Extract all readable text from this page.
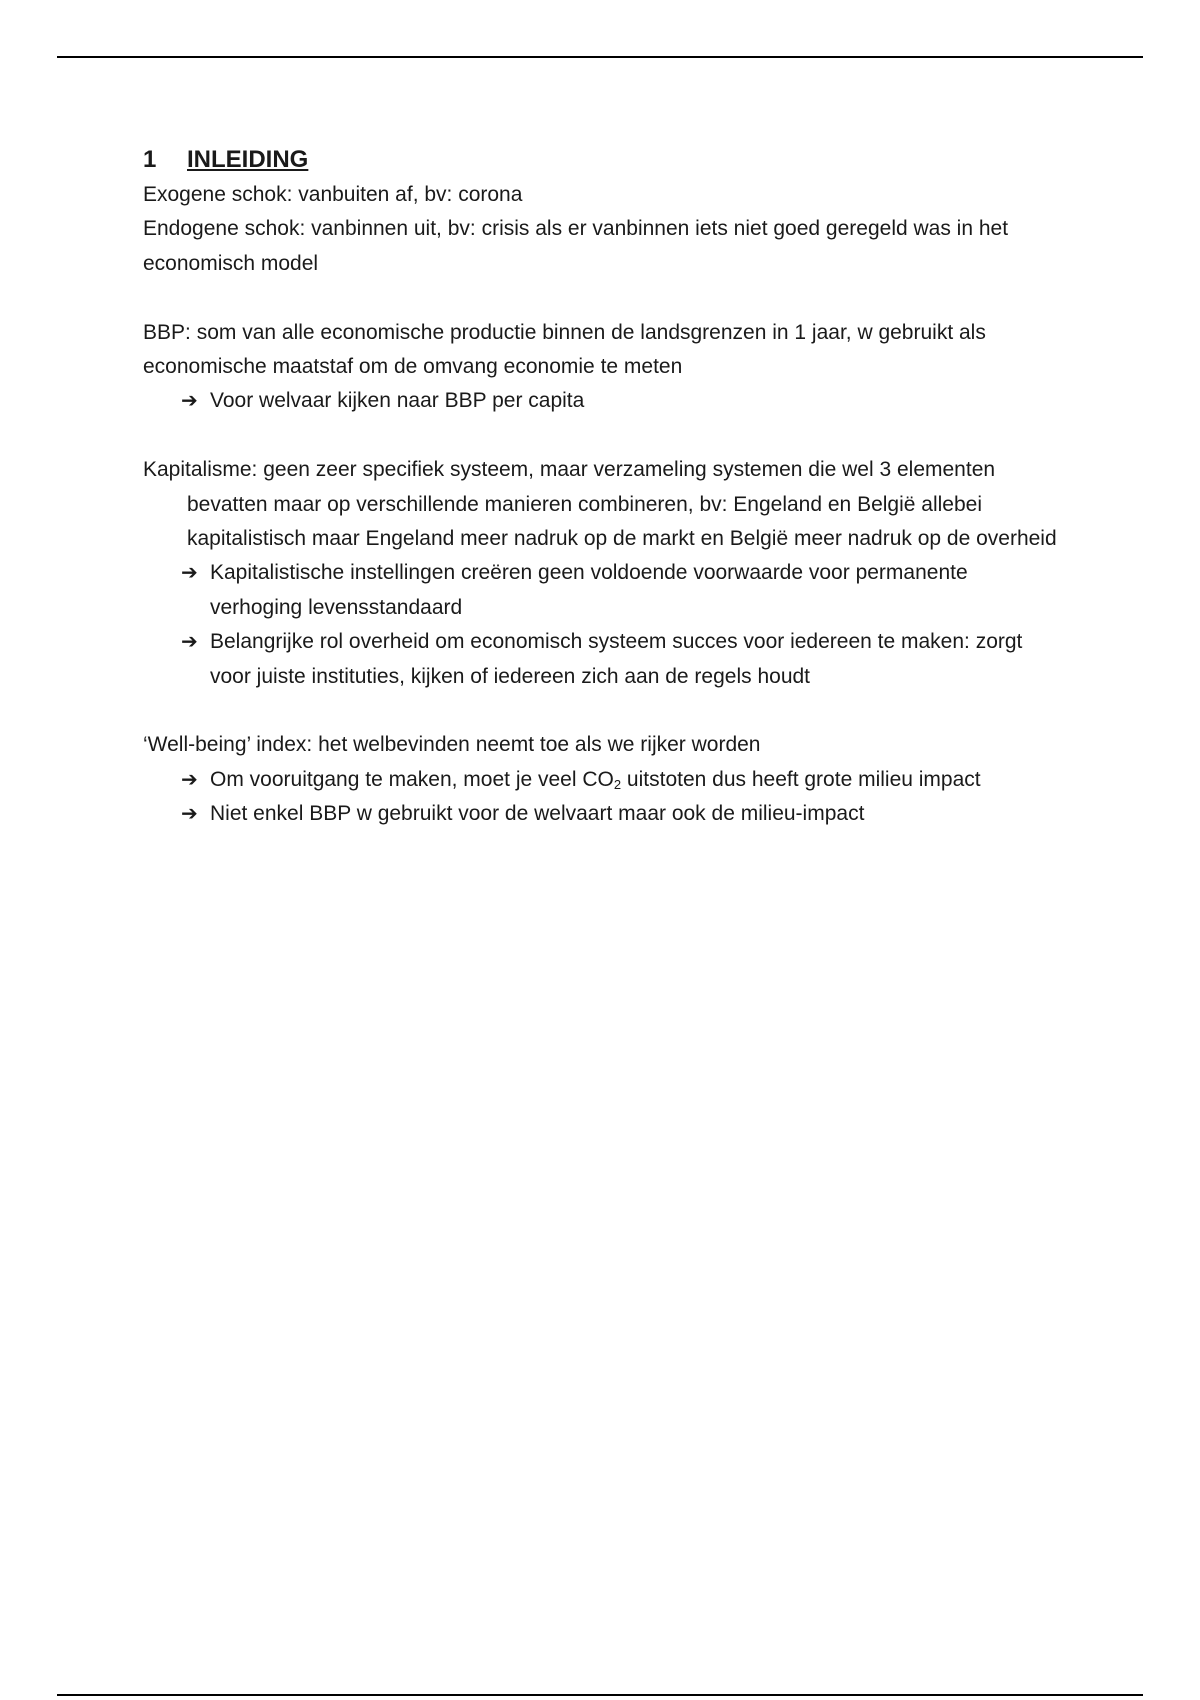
1	INLEIDING

Exogene schok: vanbuiten af, bv: corona

Endogene schok: vanbinnen uit, bv: crisis als er vanbinnen iets niet goed geregeld was in het economisch model

BBP: som van alle economische productie binnen de landsgrenzen in 1 jaar, w gebruikt als economische maatstaf om de omvang economie te meten

➔ Voor welvaar kijken naar BBP per capita

Kapitalisme: geen zeer specifiek systeem, maar verzameling systemen die wel 3 elementen bevatten maar op verschillende manieren combineren, bv: Engeland en België allebei kapitalistisch maar Engeland meer nadruk op de markt en België meer nadruk op de overheid

➔ Kapitalistische instellingen creëren geen voldoende voorwaarde voor permanente verhoging levensstandaard
➔ Belangrijke rol overheid om economisch systeem succes voor iedereen te maken: zorgt voor juiste instituties, kijken of iedereen zich aan de regels houdt

‘Well-being’ index: het welbevinden neemt toe als we rijker worden

➔ Om vooruitgang te maken, moet je veel $CO_2$ uitstoten dus heeft grote milieu impact
➔ Niet enkel BBP w gebruikt voor de welvaart maar ook de milieu-impact
